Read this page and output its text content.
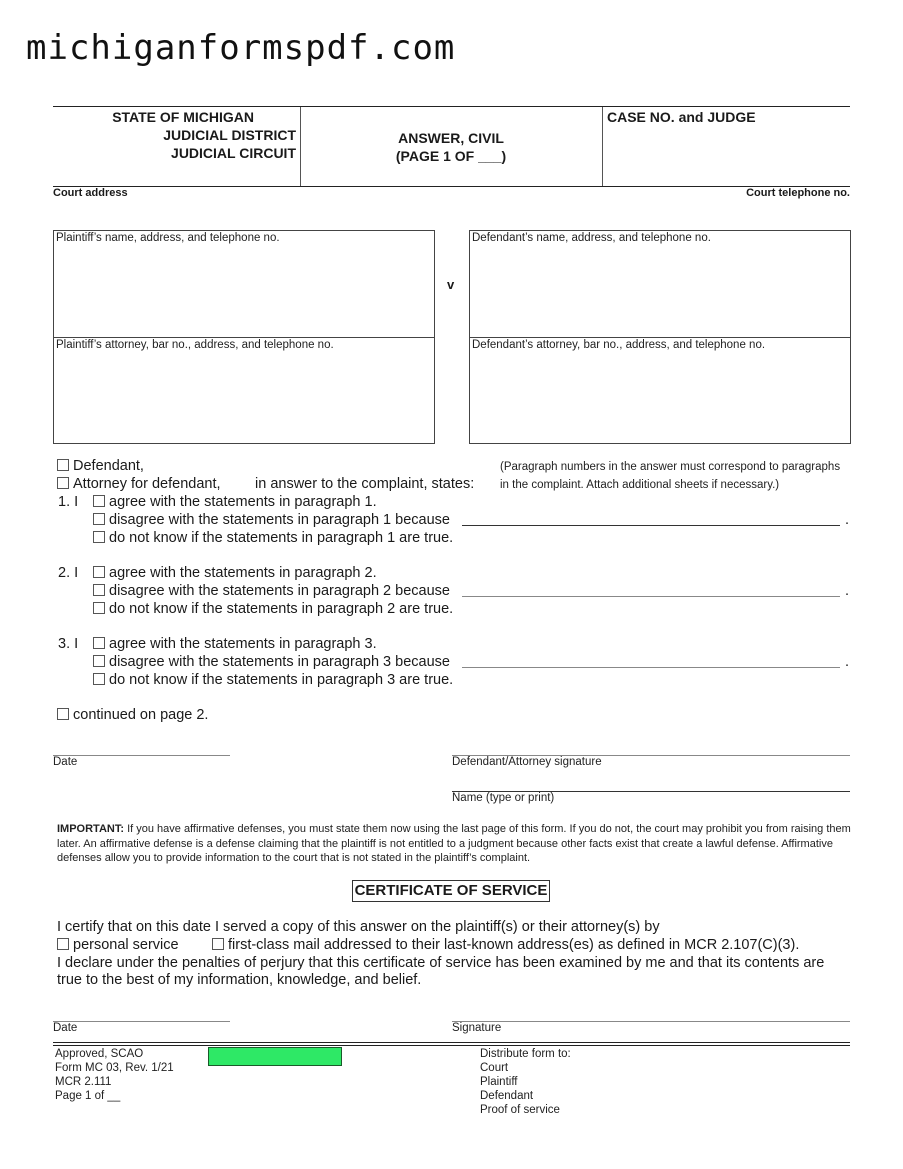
michiganformspdf.com
STATE OF MICHIGAN
JUDICIAL DISTRICT
JUDICIAL CIRCUIT
ANSWER, CIVIL
(PAGE 1 OF ___)
CASE NO. and JUDGE
Court address	Court telephone no.
Plaintiff’s name, address, and telephone no.
Plaintiff’s attorney, bar no., address, and telephone no.
v
Defendant’s name, address, and telephone no.
Defendant’s attorney, bar no., address, and telephone no.
Defendant,
Attorney for defendant, in answer to the complaint, states:
(Paragraph numbers in the answer must correspond to paragraphs
in the complaint. Attach additional sheets if necessary.)
1. I	agree with the statements in paragraph 1.
disagree with the statements in paragraph 1 because	.
do not know if the statements in paragraph 1 are true.
2. I	agree with the statements in paragraph 2.
disagree with the statements in paragraph 2 because	.
do not know if the statements in paragraph 2 are true.
3. I	agree with the statements in paragraph 3.
disagree with the statements in paragraph 3 because	.
do not know if the statements in paragraph 3 are true.
continued on page 2.
Date	Defendant/Attorney signature
Name (type or print)
IMPORTANT: If you have affirmative defenses, you must state them now using the last page of this form. If you do not, the court may prohibit you from raising them later. An affirmative defense is a defense claiming that the plaintiff is not entitled to a judgment because other facts exist that create a lawful defense. Affirmative defenses allow you to provide information to the court that is not stated in the plaintiff’s complaint.
CERTIFICATE OF SERVICE
I certify that on this date I served a copy of this answer on the plaintiff(s) or their attorney(s) by
personal service	first-class mail addressed to their last-known address(es) as defined in MCR 2.107(C)(3).
I declare under the penalties of perjury that this certificate of service has been examined by me and that its contents are
true to the best of my information, knowledge, and belief.
Date	Signature
Approved, SCAO
Form MC 03, Rev. 1/21
MCR 2.111
Page 1 of __
Distribute form to:
Court
Plaintiff
Defendant
Proof of service
